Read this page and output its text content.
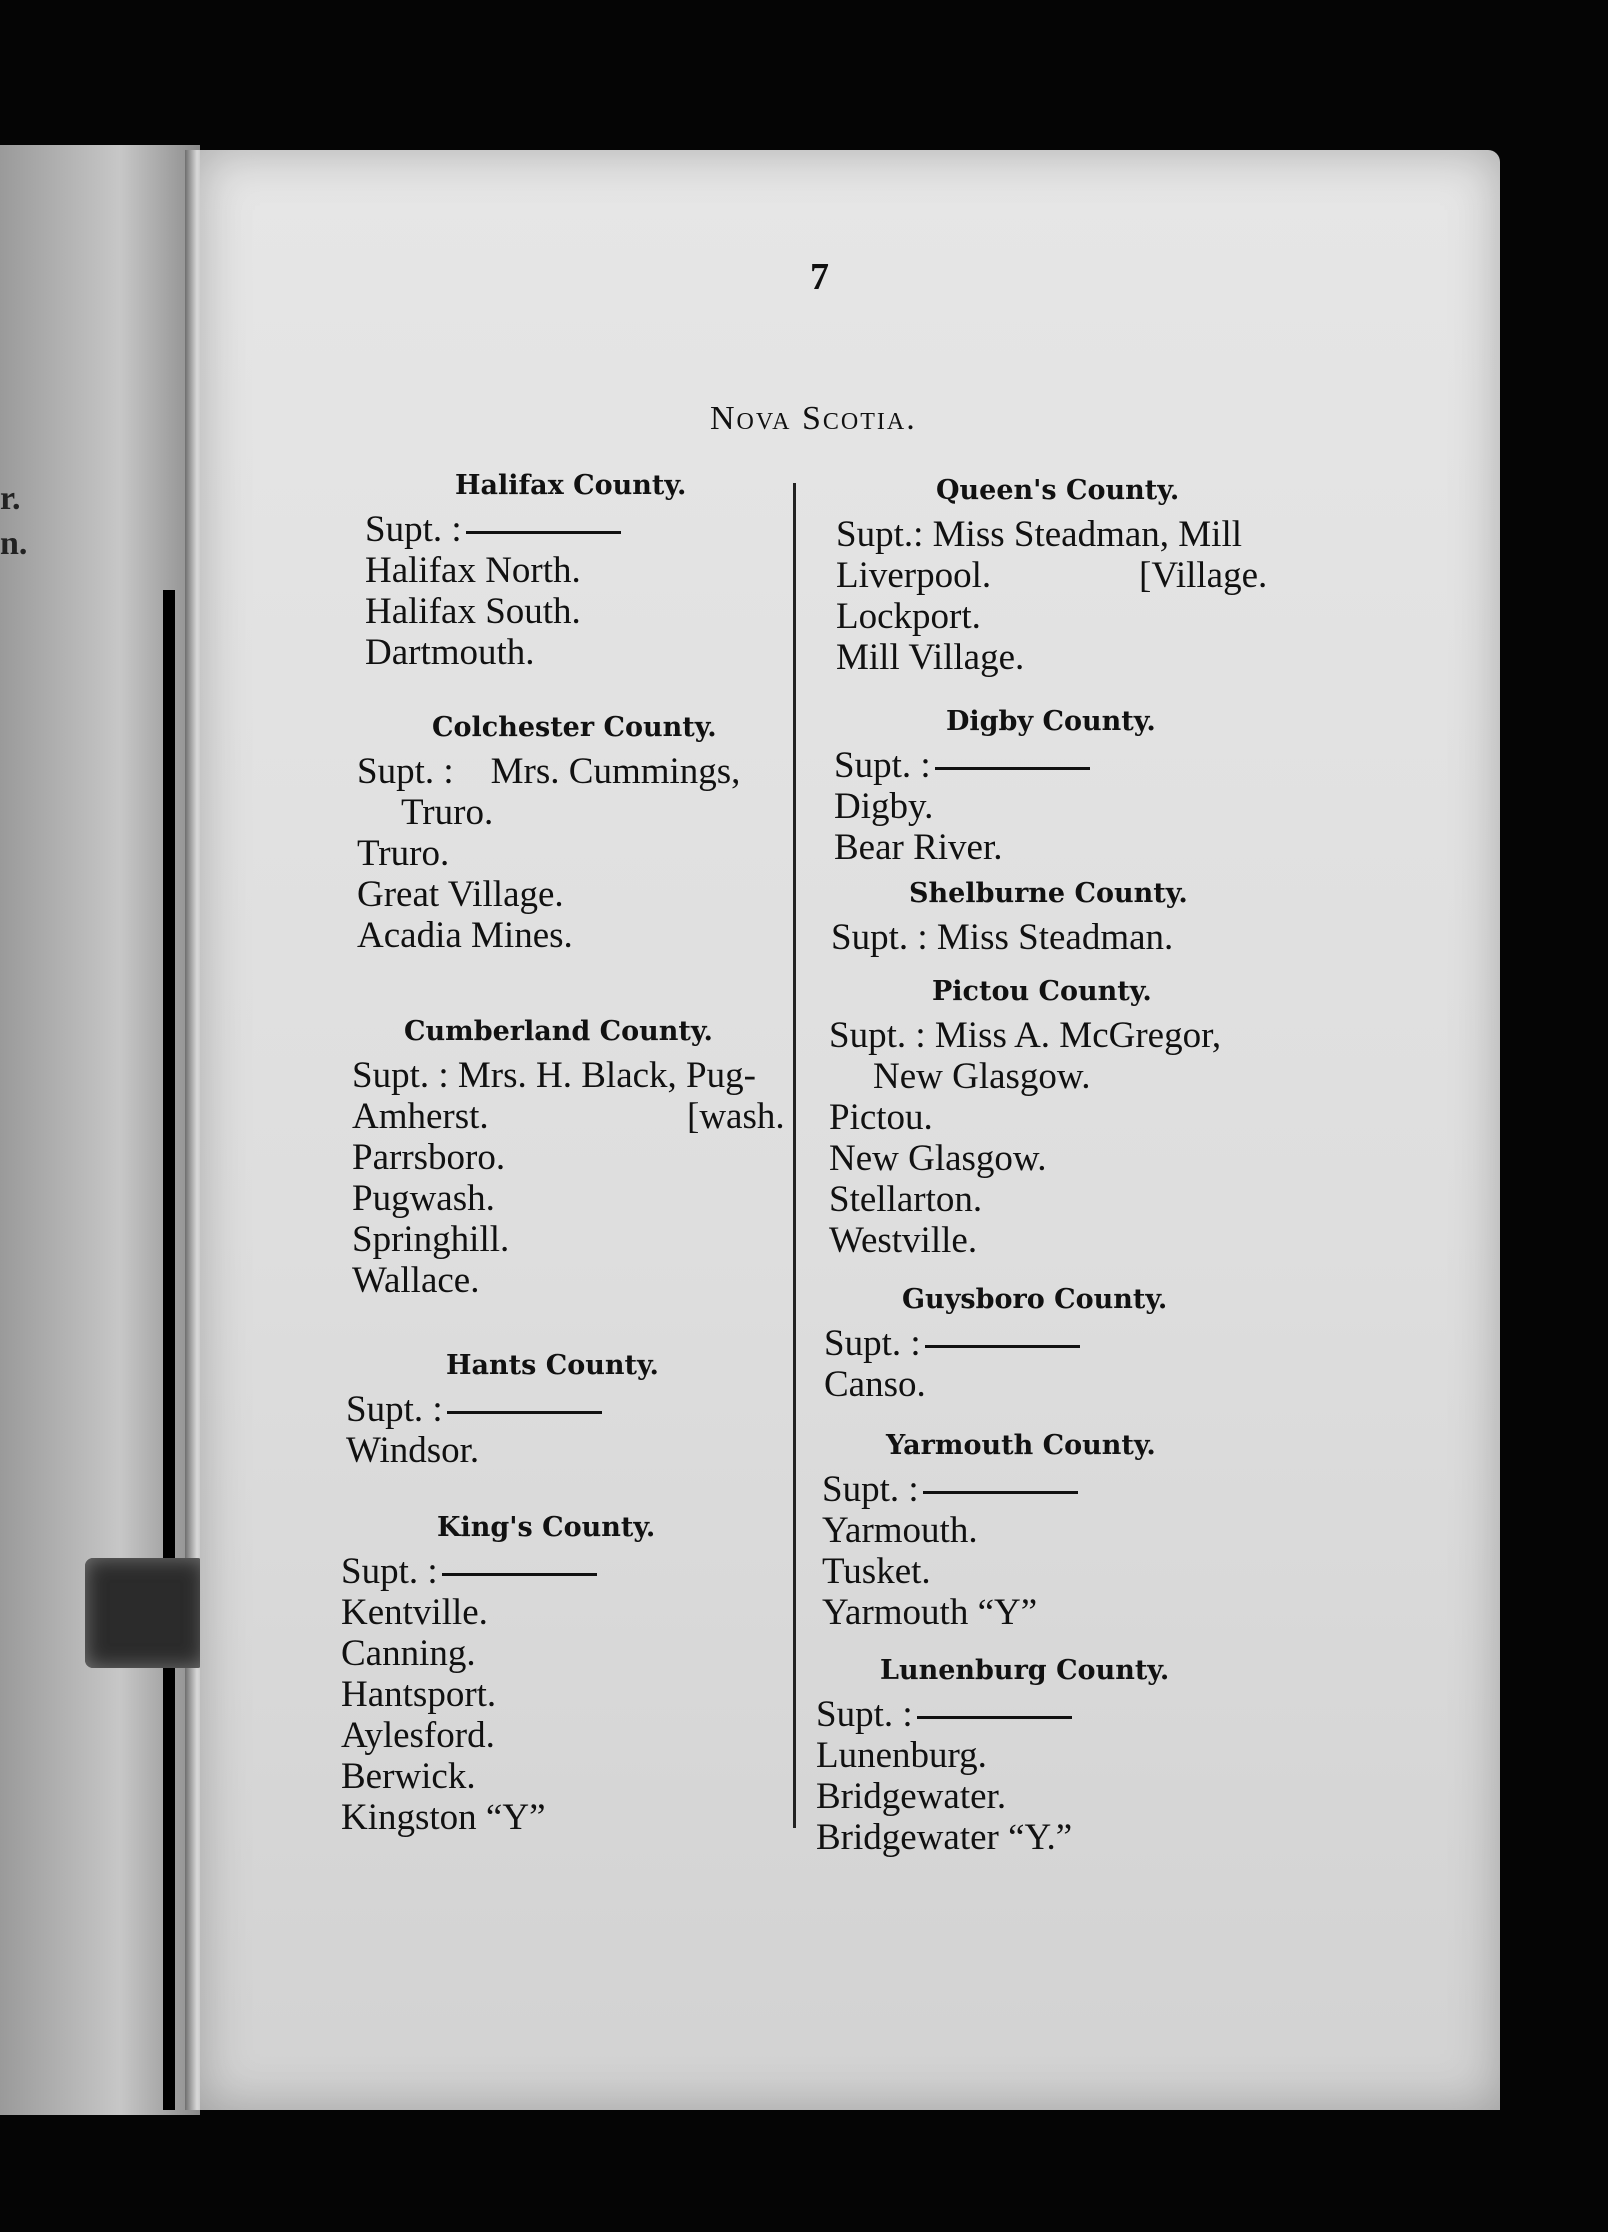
r.
n.
7
Nova Scotia.
Halifax County.
Supt. :
Halifax North.
Halifax South.
Dartmouth.
Colchester County.
Supt. : Mrs. Cummings,
Truro.
Truro.
Great Village.
Acadia Mines.
Cumberland County.
Supt. : Mrs. H. Black, Pug-
Amherst.	[wash.
Parrsboro.
Pugwash.
Springhill.
Wallace.
Hants County.
Supt. :
Windsor.
King's County.
Supt. :
Kentville.
Canning.
Hantsport.
Aylesford.
Berwick.
Kingston “Y”
Queen's County.
Supt.: Miss Steadman, Mill
Liverpool.	[Village.
Lockport.
Mill Village.
Digby County.
Supt. :
Digby.
Bear River.
Shelburne County.
Supt. : Miss Steadman.
Pictou County.
Supt. : Miss A. McGregor,
New Glasgow.
Pictou.
New Glasgow.
Stellarton.
Westville.
Guysboro County.
Supt. :
Canso.
Yarmouth County.
Supt. :
Yarmouth.
Tusket.
Yarmouth “Y”
Lunenburg County.
Supt. :
Lunenburg.
Bridgewater.
Bridgewater “Y.”
